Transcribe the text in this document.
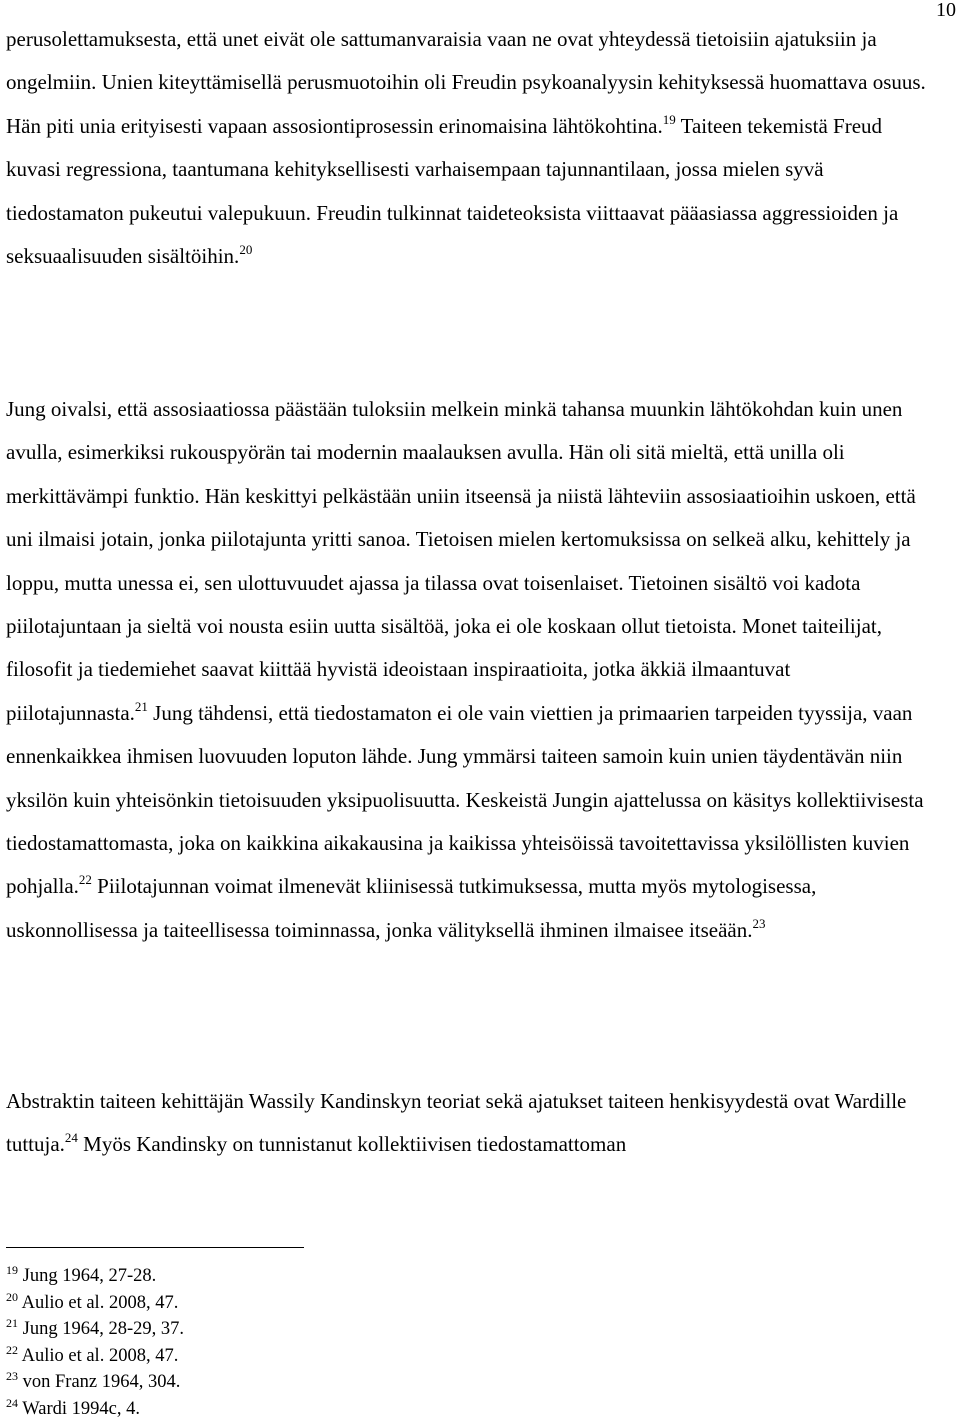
10

perusolettamuksesta, että unet eivät ole sattumanvaraisia vaan ne ovat yhteydessä tietoisiin ajatuksiin ja ongelmiin. Unien kiteyttämisellä perusmuotoihin oli Freudin psykoanalyysin kehityksessä huomattava osuus. Hän piti unia erityisesti vapaan assosiontiprosessin erinomaisina lähtökohtina.$^{19}$ Taiteen tekemistä Freud kuvasi regressiona, taantumana kehityksellisesti varhaisempaan tajunnantilaan, jossa mielen syvä tiedostamaton pukeutui valepukuun. Freudin tulkinnat taideteoksista viittaavat pääasiassa aggressioiden ja seksuaalisuuden sisältöihin.$^{20}$

Jung oivalsi, että assosiaatiossa päästään tuloksiin melkein minkä tahansa muunkin lähtökohdan kuin unen avulla, esimerkiksi rukouspyörän tai modernin maalauksen avulla. Hän oli sitä mieltä, että unilla oli merkittävämpi funktio. Hän keskittyi pelkästään uniin itseensä ja niistä lähteviin assosiaatioihin uskoen, että uni ilmaisi jotain, jonka piilotajunta yritti sanoa. Tietoisen mielen kertomuksissa on selkeä alku, kehittely ja loppu, mutta unessa ei, sen ulottuvuudet ajassa ja tilassa ovat toisenlaiset. Tietoinen sisältö voi kadota piilotajuntaan ja sieltä voi nousta esiin uutta sisältöä, joka ei ole koskaan ollut tietoista. Monet taiteilijat, filosofit ja tiedemiehet saavat kiittää hyvistä ideoistaan inspiraatioita, jotka äkkiä ilmaantuvat piilotajunnasta.$^{21}$ Jung tähdensi, että tiedostamaton ei ole vain viettien ja primaarien tarpeiden tyyssija, vaan ennenkaikkea ihmisen luovuuden loputon lähde. Jung ymmärsi taiteen samoin kuin unien täydentävän niin yksilön kuin yhteisönkin tietoisuuden yksipuolisuutta. Keskeistä Jungin ajattelussa on käsitys kollektiivisesta tiedostamattomasta, joka on kaikkina aikakausina ja kaikissa yhteisöissä tavoitettavissa yksilöllisten kuvien pohjalla.$^{22}$ Piilotajunnan voimat ilmenevät kliinisessä tutkimuksessa, mutta myös mytologisessa, uskonnollisessa ja taiteellisessa toiminnassa, jonka välityksellä ihminen ilmaisee itseään.$^{23}$

Abstraktin taiteen kehittäjän Wassily Kandinskyn teoriat sekä ajatukset taiteen henkisyydestä ovat Wardille tuttuja.$^{24}$ Myös Kandinsky on tunnistanut kollektiivisen tiedostamattoman

$^{19}$ Jung 1964, 27-28.
$^{20}$ Aulio et al. 2008, 47.
$^{21}$ Jung 1964, 28-29, 37.
$^{22}$ Aulio et al. 2008, 47.
$^{23}$ von Franz 1964, 304.
$^{24}$ Wardi 1994c, 4.
